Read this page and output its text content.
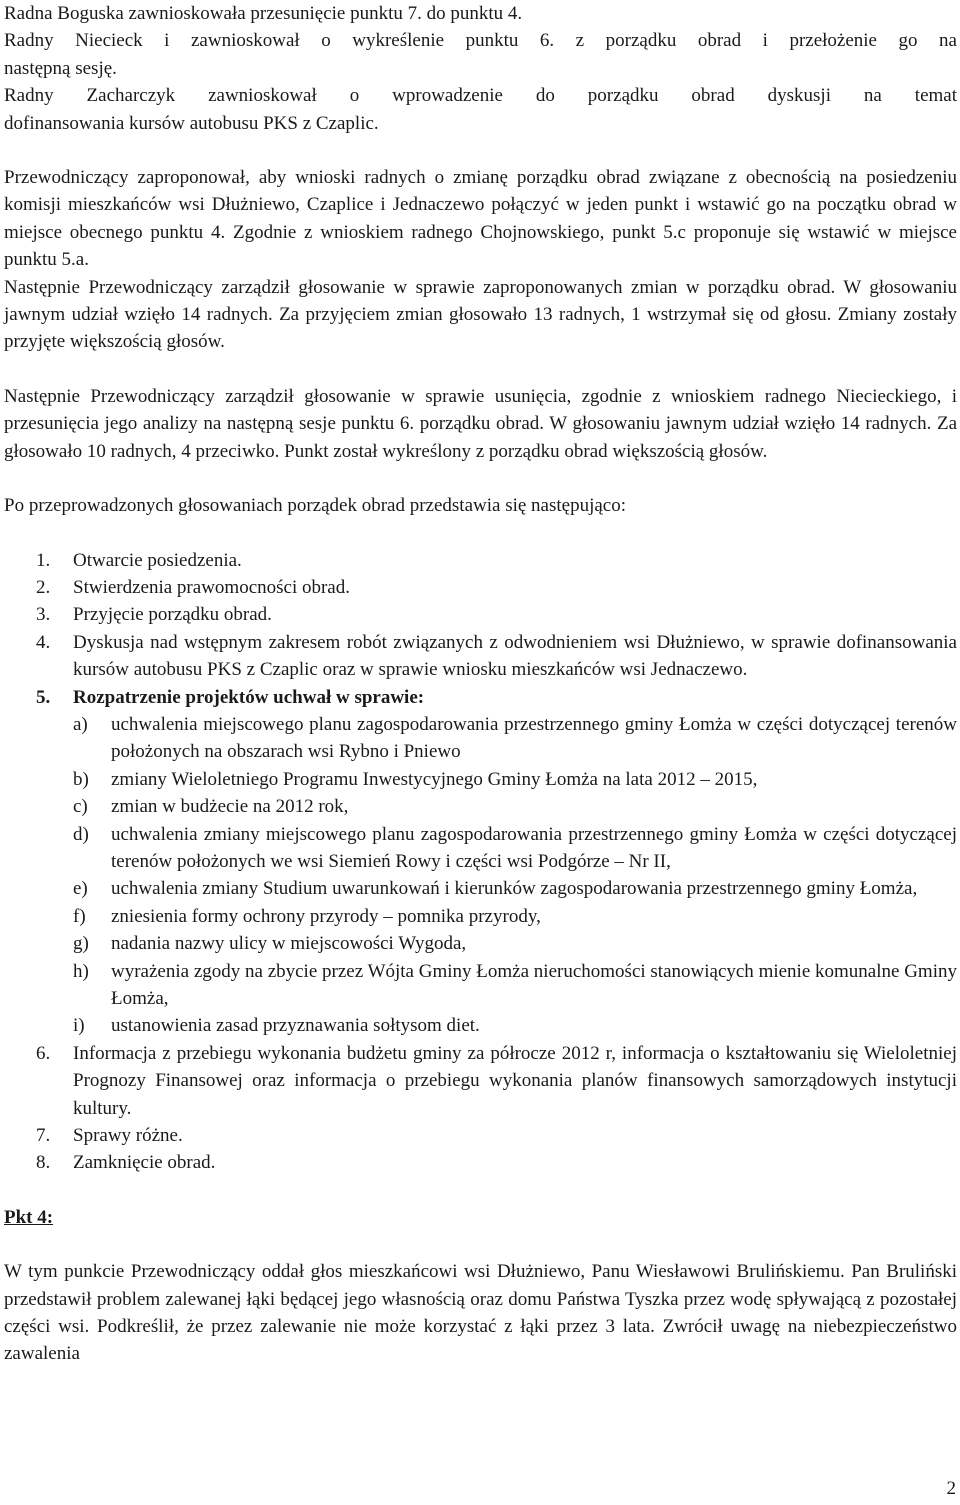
Radna Boguska zawnioskowała przesunięcie punktu 7. do punktu 4.

Radny Niecieck i zawnioskował o wykreślenie punktu 6. z porządku obrad i przełożenie go na

następną sesję.

Radny Zacharczyk zawnioskował o wprowadzenie do porządku obrad dyskusji na temat

dofinansowania kursów autobusu PKS z Czaplic.

Przewodniczący zaproponował, aby wnioski radnych o zmianę porządku obrad związane z obecnością na posiedzeniu komisji mieszkańców wsi Dłużniewo, Czaplice i Jednaczewo połączyć w jeden punkt i wstawić go na początku obrad w miejsce obecnego punktu 4. Zgodnie z wnioskiem radnego Chojnowskiego, punkt 5.c proponuje się wstawić w miejsce punktu 5.a.

Następnie Przewodniczący zarządził głosowanie w sprawie zaproponowanych zmian w porządku obrad. W głosowaniu jawnym udział wzięło 14 radnych. Za przyjęciem zmian głosowało 13 radnych, 1 wstrzymał się od głosu. Zmiany zostały przyjęte większością głosów.

Następnie Przewodniczący zarządził głosowanie w sprawie usunięcia, zgodnie z wnioskiem radnego Niecieckiego, i przesunięcia jego analizy na następną sesje punktu 6. porządku obrad. W głosowaniu jawnym udział wzięło 14 radnych. Za głosowało 10 radnych, 4 przeciwko. Punkt został wykreślony z porządku obrad większością głosów.

Po przeprowadzonych głosowaniach porządek obrad przedstawia się następująco:

1. Otwarcie posiedzenia.
2. Stwierdzenia prawomocności obrad.
3. Przyjęcie porządku obrad.
4. Dyskusja nad wstępnym zakresem robót związanych z odwodnieniem wsi Dłużniewo, w sprawie dofinansowania kursów autobusu PKS z Czaplic oraz w sprawie wniosku mieszkańców wsi Jednaczewo.
5. Rozpatrzenie projektów uchwał w sprawie:
a) uchwalenia miejscowego planu zagospodarowania przestrzennego gminy Łomża w części dotyczącej terenów położonych na obszarach wsi Rybno i Pniewo
b) zmiany Wieloletniego Programu Inwestycyjnego Gminy Łomża na lata 2012 – 2015,
c) zmian w budżecie na 2012 rok,
d) uchwalenia zmiany miejscowego planu zagospodarowania przestrzennego gminy Łomża w części dotyczącej terenów położonych we wsi Siemień Rowy i części wsi Podgórze – Nr II,
e) uchwalenia zmiany Studium uwarunkowań i kierunków zagospodarowania przestrzennego gminy Łomża,
f) zniesienia formy ochrony przyrody – pomnika przyrody,
g) nadania nazwy ulicy w miejscowości Wygoda,
h) wyrażenia zgody na zbycie przez Wójta Gminy Łomża nieruchomości stanowiących mienie komunalne Gminy Łomża,
i) ustanowienia zasad przyznawania sołtysom diet.
6. Informacja z przebiegu wykonania budżetu gminy za półrocze 2012 r, informacja o kształtowaniu się Wieloletniej Prognozy Finansowej oraz informacja o przebiegu wykonania planów finansowych samorządowych instytucji kultury.
7. Sprawy różne.
8. Zamknięcie obrad.

Pkt 4:

W tym punkcie Przewodniczący oddał głos mieszkańcowi wsi Dłużniewo, Panu Wiesławowi Brulińskiemu. Pan Bruliński przedstawił problem zalewanej łąki będącej jego własnością oraz domu Państwa Tyszka przez wodę spływającą z pozostałej części wsi. Podkreślił, że przez zalewanie nie może korzystać z łąki przez 3 lata. Zwrócił uwagę na niebezpieczeństwo zawalenia

2
